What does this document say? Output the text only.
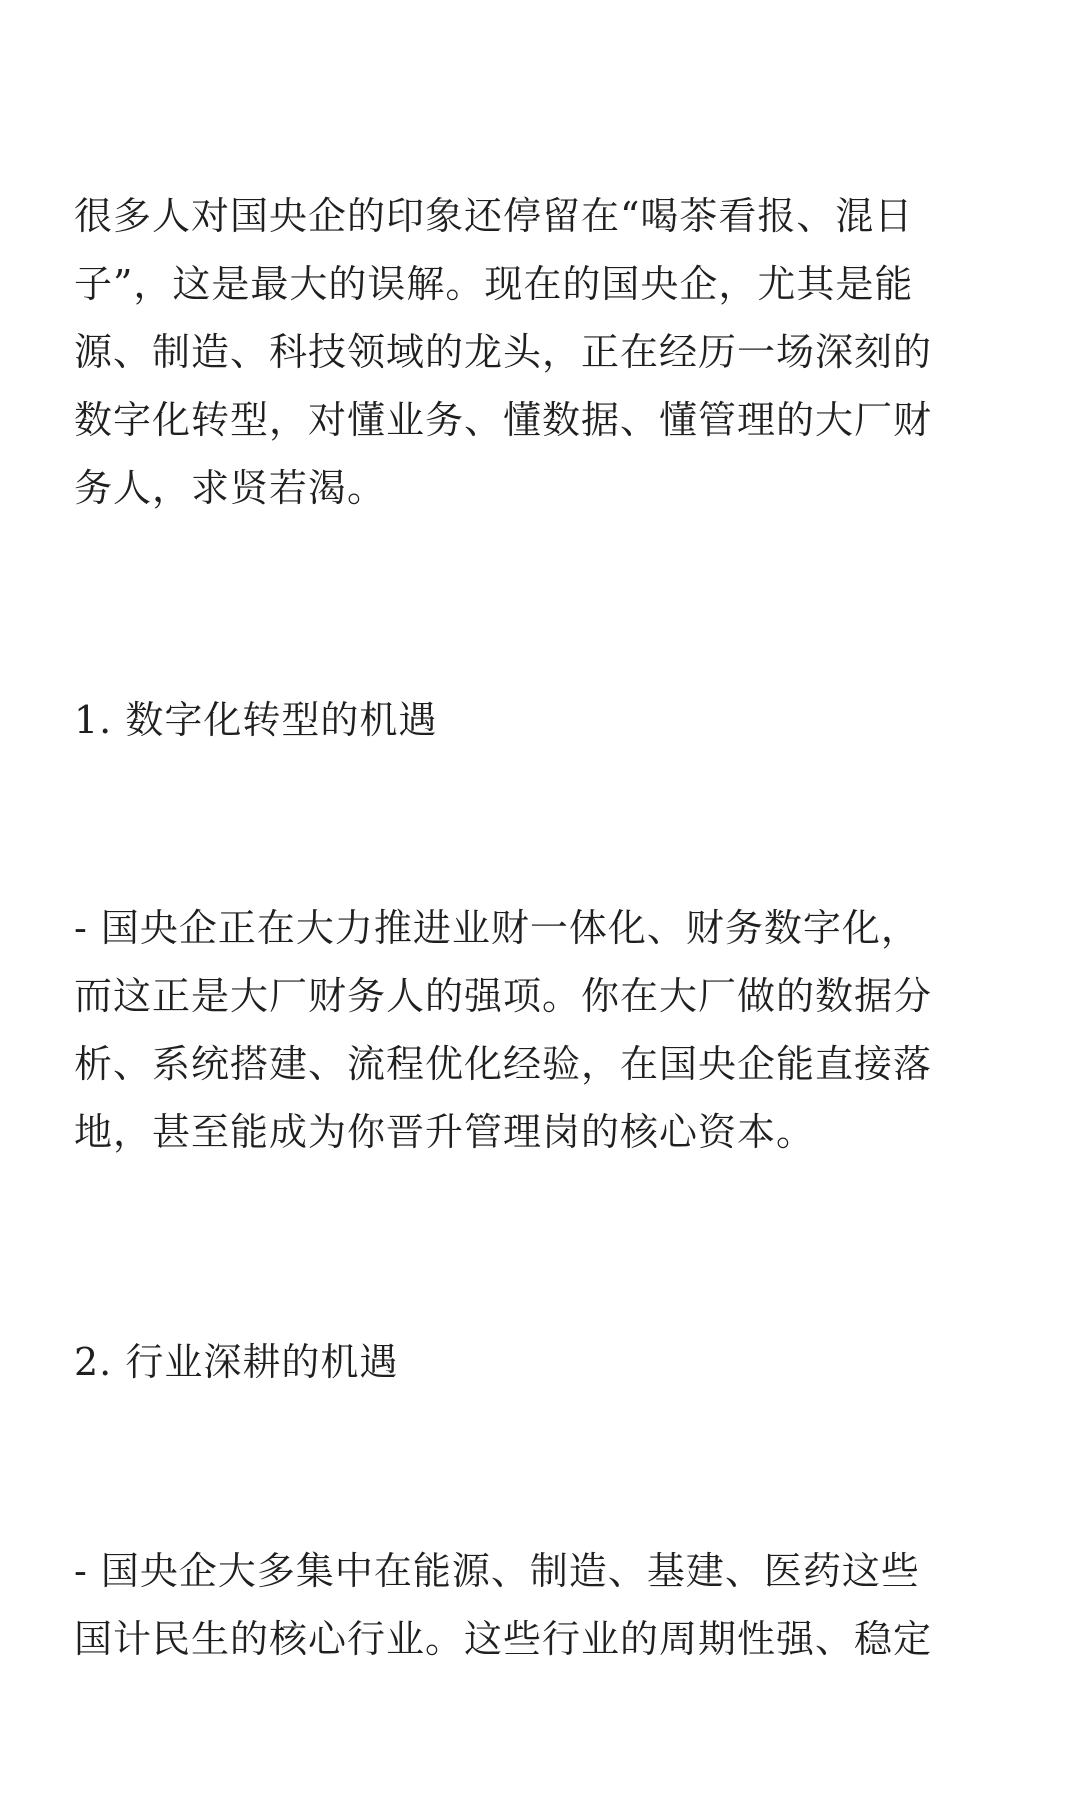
很多人对国央企的印象还停留在“喝茶看报、混日
子”，这是最大的误解。现在的国央企，尤其是能
源、制造、科技领域的龙头，正在经历一场深刻的
数字化转型，对懂业务、懂数据、懂管理的大厂财
务人，求贤若渴。
1. 数字化转型的机遇
- 国央企正在大力推进业财一体化、财务数字化，
而这正是大厂财务人的强项。你在大厂做的数据分
析、系统搭建、流程优化经验，在国央企能直接落
地，甚至能成为你晋升管理岗的核心资本。
2. 行业深耕的机遇
- 国央企大多集中在能源、制造、基建、医药这些
国计民生的核心行业。这些行业的周期性强、稳定
